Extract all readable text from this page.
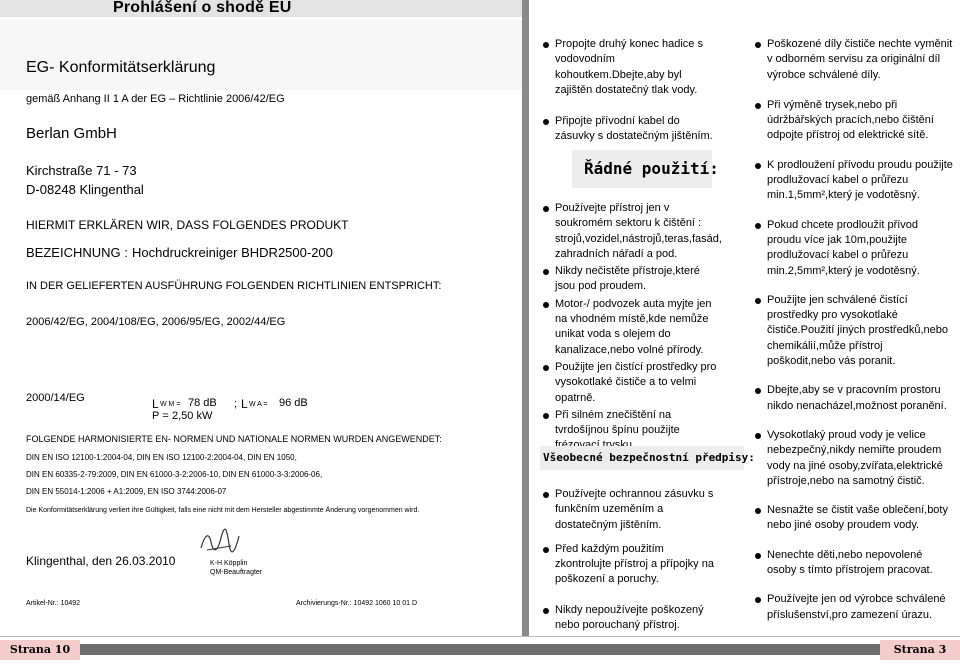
Prohlášení o shodě EU
EG- Konformitätserklärung
gemäß Anhang II 1 A der EG – Richtlinie 2006/42/EG
Berlan GmbH
Kirchstraße 71 - 73
D-08248 Klingenthal
HIERMIT ERKLÄREN WIR, DASS FOLGENDES PRODUKT
BEZEICHNUNG : Hochdruckreiniger BHDR2500-200
IN DER GELIEFERTEN AUSFÜHRUNG FOLGENDEN RICHTLINIEN ENTSPRICHT:
2006/42/EG, 2004/108/EG, 2006/95/EG, 2002/44/EG
2000/14/EG	L W M = 78 dB ; L W A = 96 dB
P = 2,50 kW
FOLGENDE HARMONISIERTE EN- NORMEN UND NATIONALE NORMEN WURDEN ANGEWENDET:
DIN EN ISO 12100-1:2004-04, DIN EN ISO 12100-2:2004-04, DIN EN 1050,
DIN EN 60335-2-79:2009, DIN EN 61000-3-2:2006-10, DIN EN 61000-3-3:2006-06,
DIN EN 55014-1:2006 + A1:2009, EN ISO 3744:2006-07
Die Konformitätserklärung verliert ihre Gültigkeit, falls eine nicht mit dem Hersteller abgestimmte Änderung vorgenommen wird.
Klingenthal, den 26.03.2010	K-H Köpplin
QM-Beauftragter
Artikel-Nr.: 10492	Archivierungs-Nr.: 10492 1060 10 01 D
Propojte druhý konec hadice s vodovodním kohoutkem.Dbejte,aby byl zajištěn dostatečný tlak vody.
Připojte přívodní kabel do zásuvky s dostatečným jištěním.
Řádné použití:
Používejte přístroj jen v soukromém sektoru k čištění : strojů,vozidel,nástrojů,teras,fasád, zahradních nářadí a pod.
Nikdy nečistěte přístroje,které jsou pod proudem.
Motor-/ podvozek auta myjte jen na vhodném místě,kde nemůže unikat voda s olejem do kanalizace,nebo volné přírody.
Použijte jen čistící prostředky pro vysokotlaké čističe a to velmi opatrně.
Při silném znečištění na tvrdošíjnou špínu použijte
Všeobecné bezpečnostní předpisy:
Používejte ochrannou zásuvku s funkčním uzeměním a dostatečným jištěním.
Před každým použitím zkontrolujte přístroj a přípojky na poškození a poruchy.
Nikdy nepoužívejte poškozený nebo porouchaný přístroj.
Poškozené díly čističe nechte vyměnit v odborném servisu za originální díl výrobce schválené díly.
Při výměně trysek,nebo při údržbářských pracích,nebo čištění odpojte přístroj od elektrické sítě.
K prodloužení přívodu proudu použijte prodlužovací kabel o průřezu min.1,5mm²,který je vodotěsný.
Pokud chcete prodloužit přívod proudu více jak 10m,použijte prodlužovací kabel o průřezu min.2,5mm²,který je vodotěsný.
Použijte jen schválené čistící prostředky pro vysokotlaké čističe.Použití jiných prostředků,nebo chemikálií,může přístroj poškodit,nebo vás poranit.
Dbejte,aby se v pracovním prostoru nikdo nenacházel,možnost poranění.
Vysokotlaký proud vody je velice nebezpečný,nikdy nemiřte proudem vody na jiné osoby,zvířata,elektrické přístroje,nebo na samotný čistič.
Nesnažte se čistit vaše oblečení,boty nebo jiné osoby proudem vody.
Nenechte děti,nebo nepovolené osoby s tímto přístrojem pracovat.
Používejte jen od výrobce schválené příslušenství,pro zamezení úrazu.
Strana 10	Strana 3
